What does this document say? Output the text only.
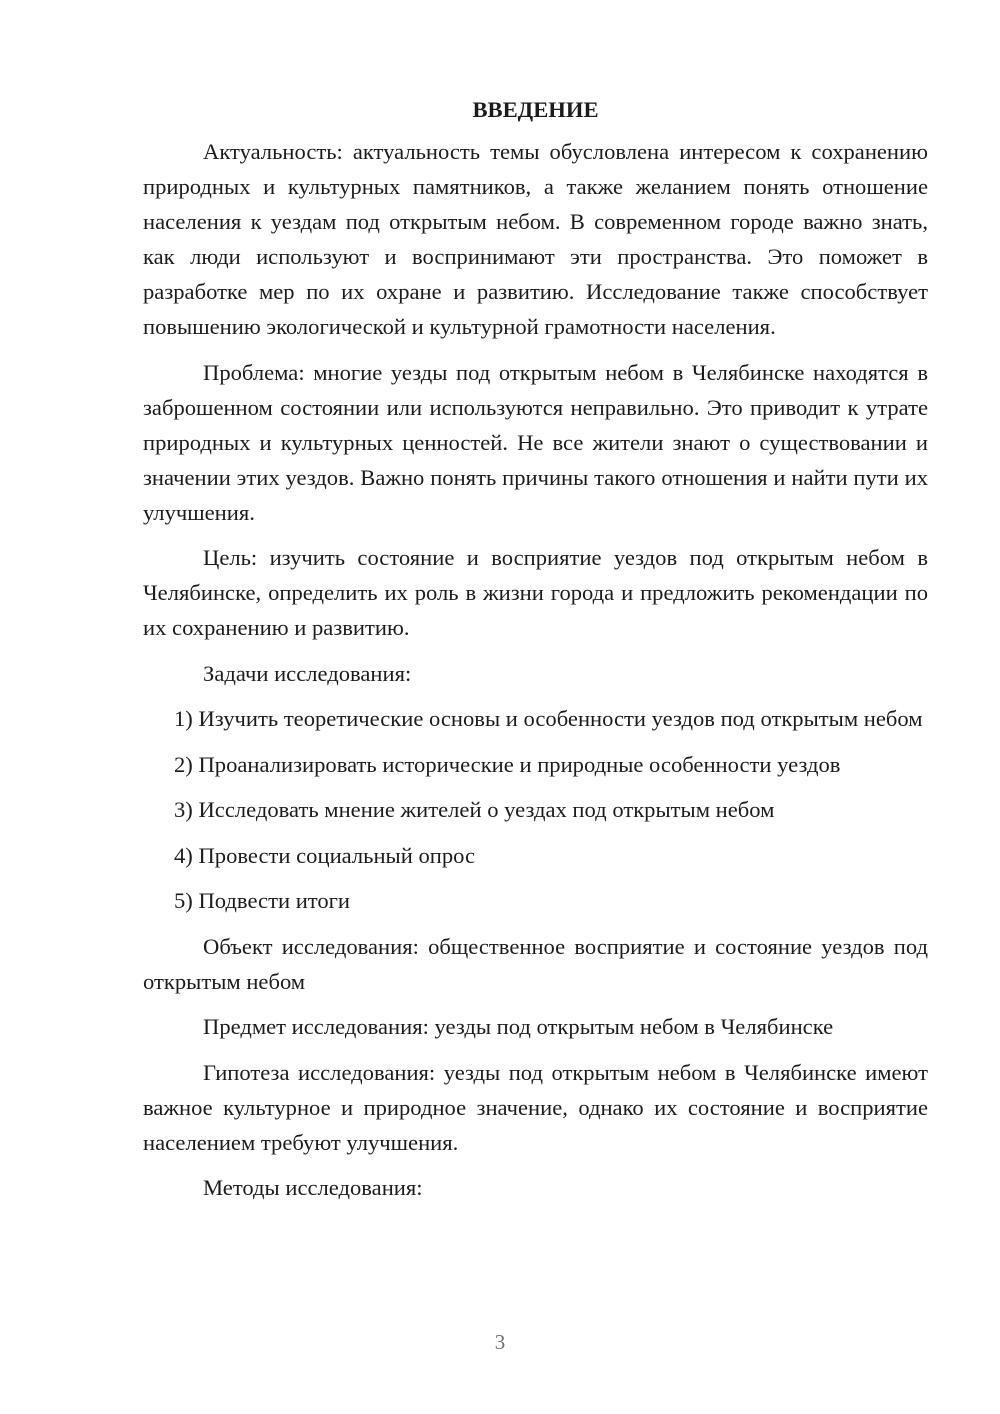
ВВЕДЕНИЕ

Актуальность: актуальность темы обусловлена интересом к сохранению природных и культурных памятников, а также желанием понять отношение населения к уездам под открытым небом. В современном городе важно знать, как люди используют и воспринимают эти пространства. Это поможет в разработке мер по их охране и развитию. Исследование также способствует повышению экологической и культурной грамотности населения.

Проблема: многие уезды под открытым небом в Челябинске находятся в заброшенном состоянии или используются неправильно. Это приводит к утрате природных и культурных ценностей. Не все жители знают о существовании и значении этих уездов. Важно понять причины такого отношения и найти пути их улучшения.

Цель: изучить состояние и восприятие уездов под открытым небом в Челябинске, определить их роль в жизни города и предложить рекомендации по их сохранению и развитию.

Задачи исследования:

1) Изучить теоретические основы и особенности уездов под открытым небом

2) Проанализировать исторические и природные особенности уездов

3) Исследовать мнение жителей о уездах под открытым небом

4) Провести социальный опрос

5) Подвести итоги

Объект исследования: общественное восприятие и состояние уездов под открытым небом

Предмет исследования: уезды под открытым небом в Челябинске

Гипотеза исследования: уезды под открытым небом в Челябинске имеют важное культурное и природное значение, однако их состояние и восприятие населением требуют улучшения.

Методы исследования:

3
